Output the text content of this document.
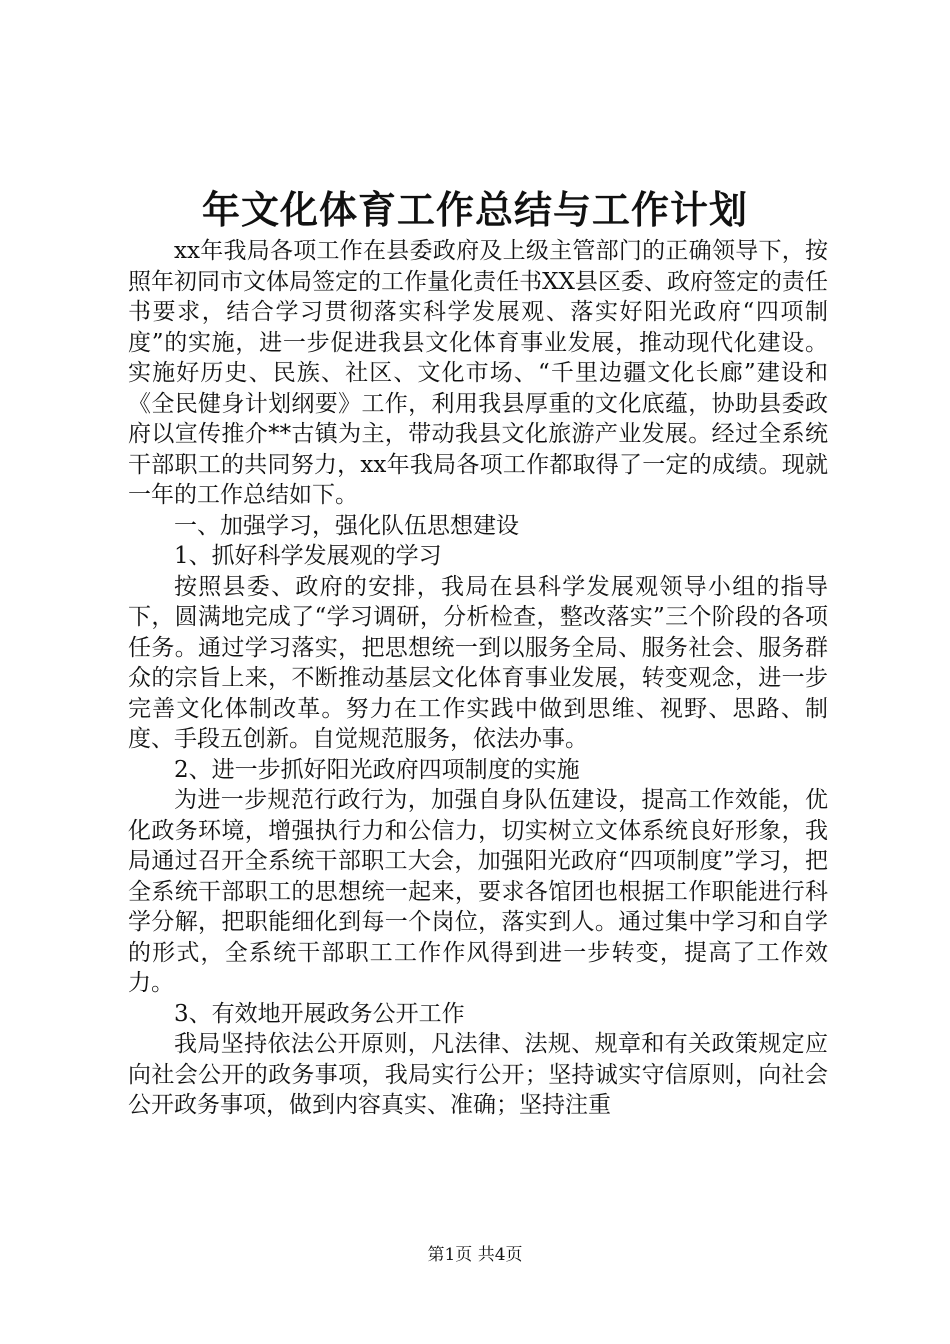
年文化体育工作总结与工作计划

xx年我局各项工作在县委政府及上级主管部门的正确领导下，按照年初同市文体局签定的工作量化责任书XX县区委、政府签定的责任书要求，结合学习贯彻落实科学发展观、落实好阳光政府“四项制度”的实施，进一步促进我县文化体育事业发展，推动现代化建设。实施好历史、民族、社区、文化市场、“千里边疆文化长廊”建设和《全民健身计划纲要》工作，利用我县厚重的文化底蕴，协助县委政府以宣传推介**古镇为主，带动我县文化旅游产业发展。经过全系统干部职工的共同努力，xx年我局各项工作都取得了一定的成绩。现就一年的工作总结如下。

一、加强学习，强化队伍思想建设

1、抓好科学发展观的学习

按照县委、政府的安排，我局在县科学发展观领导小组的指导下，圆满地完成了“学习调研，分析检查，整改落实”三个阶段的各项任务。通过学习落实，把思想统一到以服务全局、服务社会、服务群众的宗旨上来，不断推动基层文化体育事业发展，转变观念，进一步完善文化体制改革。努力在工作实践中做到思维、视野、思路、制度、手段五创新。自觉规范服务，依法办事。

2、进一步抓好阳光政府四项制度的实施

为进一步规范行政行为，加强自身队伍建设，提高工作效能，优化政务环境，增强执行力和公信力，切实树立文体系统良好形象，我局通过召开全系统干部职工大会，加强阳光政府“四项制度”学习，把全系统干部职工的思想统一起来，要求各馆团也根据工作职能进行科学分解，把职能细化到每一个岗位，落实到人。通过集中学习和自学的形式，全系统干部职工工作作风得到进一步转变，提高了工作效力。

3、有效地开展政务公开工作

我局坚持依法公开原则，凡法律、法规、规章和有关政策规定应向社会公开的政务事项，我局实行公开；坚持诚实守信原则，向社会公开政务事项，做到内容真实、准确；坚持注重

第1页 共4页
